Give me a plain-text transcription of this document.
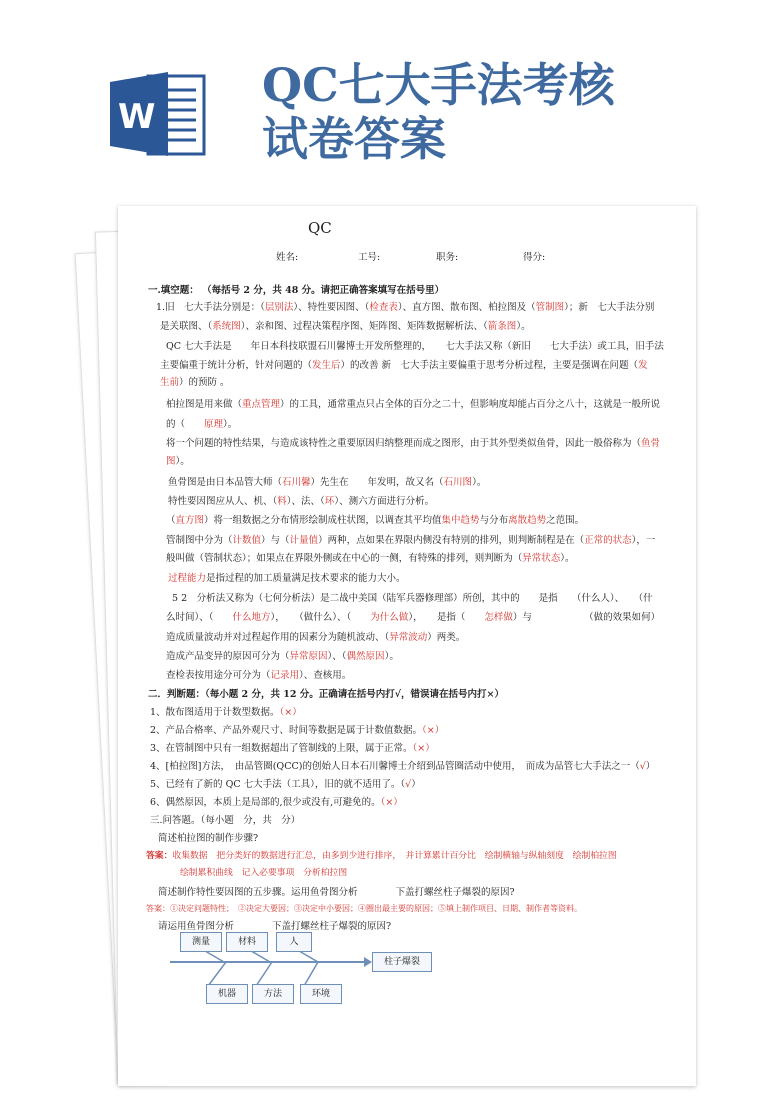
W
QC七大手法考核
试卷答案
QC
姓名:	工号:	职务:	得分:
一.填空题： （每括号 2 分，共 48 分。请把正确答案填写在括号里）
1.旧　七大手法分别是：（层别法）、特性要因图、（检查表）、直方图、散布图、柏拉图及（管制图）；新　七大手法分别
是关联图、（系统图）、亲和图、过程决策程序图、矩阵图、矩阵数据解析法、（箭条图）。
QC 七大手法是　　年日本科技联盟石川馨博士开发所整理的，　　七大手法又称（新旧　　七大手法）或工具，旧手法
主要偏重于统计分析，针对问题的（发生后）的改善 新　七大手法主要偏重于思考分析过程，主要是强调在问题（发
生前）的预防 。
柏拉图是用来做（重点管理）的工具，通常重点只占全体的百分之二十，但影响度却能占百分之八十，这就是一般所说
的（　　原理）。
将一个问题的特性结果，与造成该特性之重要原因归纳整理而成之图形，由于其外型类似鱼骨，因此一般俗称为（鱼骨
图）。
鱼骨图是由日本品管大师（石川馨）先生在　　年发明，故又名（石川图）。
特性要因图应从人、机、（料）、法、（环）、测六方面进行分析。
（直方图）将一组数据之分布情形绘制成柱状图，以调查其平均值集中趋势与分布离散趋势之范围。
管制图中分为（计数值）与（计量值）两种，点如果在界限内侧没有特别的排列，则判断制程是在（正常的状态），一
般叫做（管制状态）；如果点在界限外侧或在中心的一侧，有特殊的排列，则判断为（异常状态）。
过程能力是指过程的加工质量满足技术要求的能力大小。
5 2　分析法又称为（七何分析法）是二战中美国（陆军兵器修理部）所创，其中的　　是指　　（什么人）、　　（什
么时间）、（　　什么地方），　　（做什么）、（　　为什么做），　　是指（　　怎样做）与　　　　　　（做的效果如何）
造成质量波动并对过程起作用的因素分为随机波动、（异常波动）两类。
造成产品变异的原因可分为（异常原因）、（偶然原因）。
查检表按用途分可分为（记录用）、查核用。
二．判断题：（每小题 2 分，共 12 分。正确请在括号内打√，错误请在括号内打×）
1、散布图适用于计数型数据。（×）
2、产品合格率、产品外观尺寸、时间等数据是属于计数值数据。（×）
3、在管制图中只有一组数据超出了管制线的上限，属于正常。（×）
4、[柏拉图]方法，　由品管圈(QCC)的创始人日本石川馨博士介绍到品管圈活动中使用，　而成为品管七大手法之一（√）
5、已经有了新的 QC 七大手法（工具），旧的就不适用了。（√）
6、偶然原因，本质上是局部的,很少或没有,可避免的。（×）
三.问答题。（每小题　分，共　分）
简述柏拉图的制作步骤?
答案：收集数据　把分类好的数据进行汇总，由多到少进行排序，　并计算累计百分比　绘制横轴与纵轴刻度　绘制柏拉图
绘制累积曲线　记入必要事项　分析柏拉图
简述制作特性要因图的五步骤。运用鱼骨图分析　　　　下盖打螺丝柱子爆裂的原因?
答案：①决定问题特性；　②决定大要因；③决定中小要因；④圈出最主要的原因；⑤填上制作项目、日期、制作者等资料。
请运用鱼骨图分析　　　　下盖打螺丝柱子爆裂的原因?
测量	材料	人
机器	方法	环境
柱子爆裂
